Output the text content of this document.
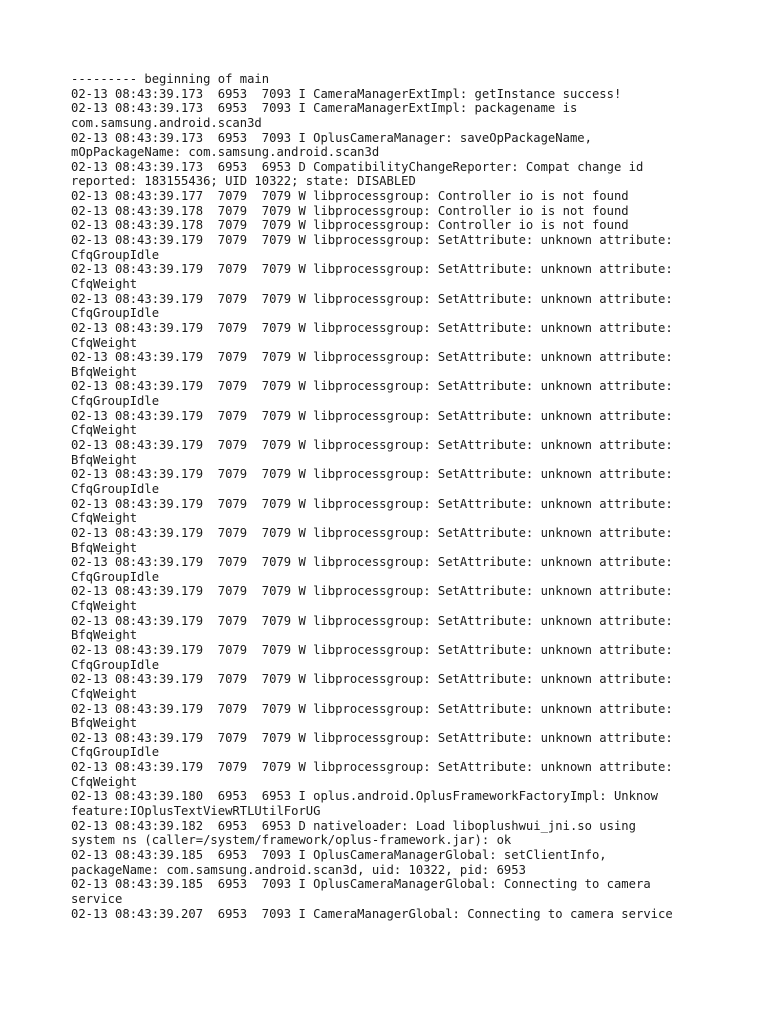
--------- beginning of main
02-13 08:43:39.173  6953  7093 I CameraManagerExtImpl: getInstance success!
02-13 08:43:39.173  6953  7093 I CameraManagerExtImpl: packagename is
com.samsung.android.scan3d
02-13 08:43:39.173  6953  7093 I OplusCameraManager: saveOpPackageName,
mOpPackageName: com.samsung.android.scan3d
02-13 08:43:39.173  6953  6953 D CompatibilityChangeReporter: Compat change id
reported: 183155436; UID 10322; state: DISABLED
02-13 08:43:39.177  7079  7079 W libprocessgroup: Controller io is not found
02-13 08:43:39.178  7079  7079 W libprocessgroup: Controller io is not found
02-13 08:43:39.178  7079  7079 W libprocessgroup: Controller io is not found
02-13 08:43:39.179  7079  7079 W libprocessgroup: SetAttribute: unknown attribute:
CfqGroupIdle
02-13 08:43:39.179  7079  7079 W libprocessgroup: SetAttribute: unknown attribute:
CfqWeight
02-13 08:43:39.179  7079  7079 W libprocessgroup: SetAttribute: unknown attribute:
CfqGroupIdle
02-13 08:43:39.179  7079  7079 W libprocessgroup: SetAttribute: unknown attribute:
CfqWeight
02-13 08:43:39.179  7079  7079 W libprocessgroup: SetAttribute: unknown attribute:
BfqWeight
02-13 08:43:39.179  7079  7079 W libprocessgroup: SetAttribute: unknown attribute:
CfqGroupIdle
02-13 08:43:39.179  7079  7079 W libprocessgroup: SetAttribute: unknown attribute:
CfqWeight
02-13 08:43:39.179  7079  7079 W libprocessgroup: SetAttribute: unknown attribute:
BfqWeight
02-13 08:43:39.179  7079  7079 W libprocessgroup: SetAttribute: unknown attribute:
CfqGroupIdle
02-13 08:43:39.179  7079  7079 W libprocessgroup: SetAttribute: unknown attribute:
CfqWeight
02-13 08:43:39.179  7079  7079 W libprocessgroup: SetAttribute: unknown attribute:
BfqWeight
02-13 08:43:39.179  7079  7079 W libprocessgroup: SetAttribute: unknown attribute:
CfqGroupIdle
02-13 08:43:39.179  7079  7079 W libprocessgroup: SetAttribute: unknown attribute:
CfqWeight
02-13 08:43:39.179  7079  7079 W libprocessgroup: SetAttribute: unknown attribute:
BfqWeight
02-13 08:43:39.179  7079  7079 W libprocessgroup: SetAttribute: unknown attribute:
CfqGroupIdle
02-13 08:43:39.179  7079  7079 W libprocessgroup: SetAttribute: unknown attribute:
CfqWeight
02-13 08:43:39.179  7079  7079 W libprocessgroup: SetAttribute: unknown attribute:
BfqWeight
02-13 08:43:39.179  7079  7079 W libprocessgroup: SetAttribute: unknown attribute:
CfqGroupIdle
02-13 08:43:39.179  7079  7079 W libprocessgroup: SetAttribute: unknown attribute:
CfqWeight
02-13 08:43:39.180  6953  6953 I oplus.android.OplusFrameworkFactoryImpl: Unknow
feature:IOplusTextViewRTLUtilForUG
02-13 08:43:39.182  6953  6953 D nativeloader: Load liboplushwui_jni.so using
system ns (caller=/system/framework/oplus-framework.jar): ok
02-13 08:43:39.185  6953  7093 I OplusCameraManagerGlobal: setClientInfo,
packageName: com.samsung.android.scan3d, uid: 10322, pid: 6953
02-13 08:43:39.185  6953  7093 I OplusCameraManagerGlobal: Connecting to camera
service
02-13 08:43:39.207  6953  7093 I CameraManagerGlobal: Connecting to camera service
